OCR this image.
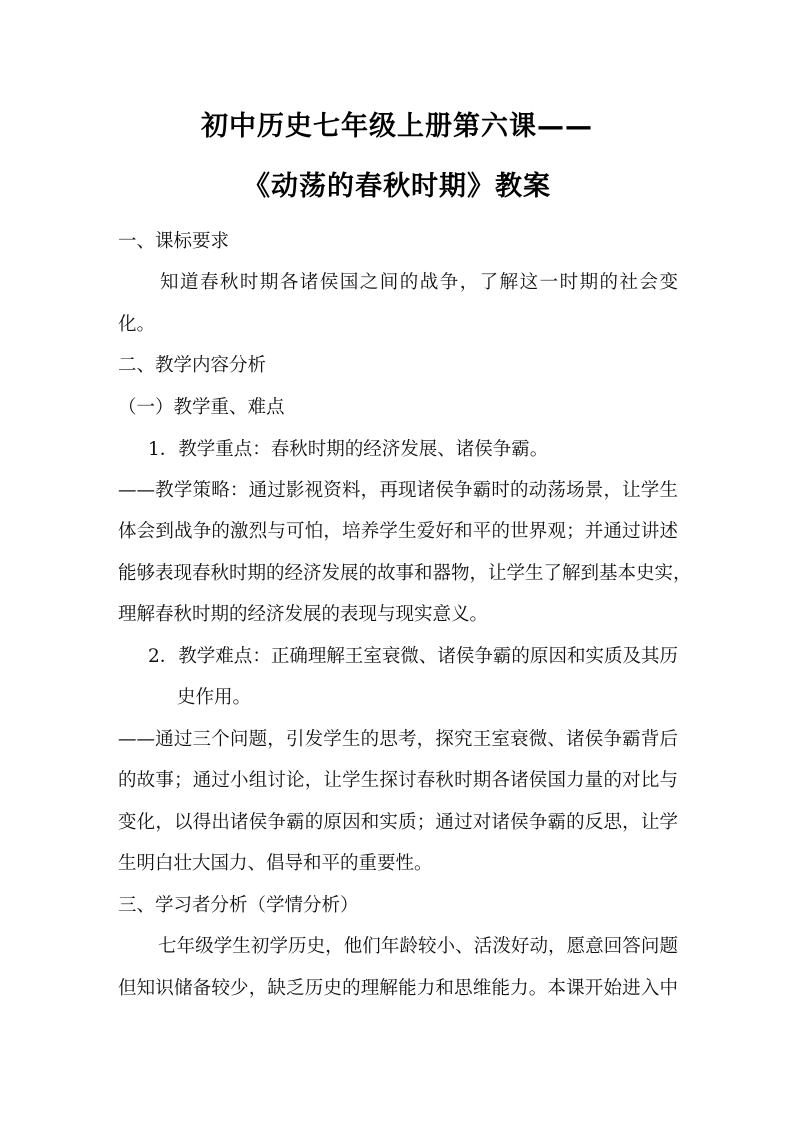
初中历史七年级上册第六课——
《动荡的春秋时期》教案
一、课标要求
知道春秋时期各诸侯国之间的战争，了解这一时期的社会变
化。
二、教学内容分析
（一）教学重、难点
1．教学重点：春秋时期的经济发展、诸侯争霸。
——教学策略：通过影视资料，再现诸侯争霸时的动荡场景，让学生
体会到战争的激烈与可怕，培养学生爱好和平的世界观；并通过讲述
能够表现春秋时期的经济发展的故事和器物，让学生了解到基本史实，
理解春秋时期的经济发展的表现与现实意义。
2．教学难点：正确理解王室衰微、诸侯争霸的原因和实质及其历
史作用。
——通过三个问题，引发学生的思考，探究王室衰微、诸侯争霸背后
的故事；通过小组讨论，让学生探讨春秋时期各诸侯国力量的对比与
变化，以得出诸侯争霸的原因和实质；通过对诸侯争霸的反思，让学
生明白壮大国力、倡导和平的重要性。
三、学习者分析（学情分析）
七年级学生初学历史，他们年龄较小、活泼好动，愿意回答问题
但知识储备较少，缺乏历史的理解能力和思维能力。本课开始进入中
